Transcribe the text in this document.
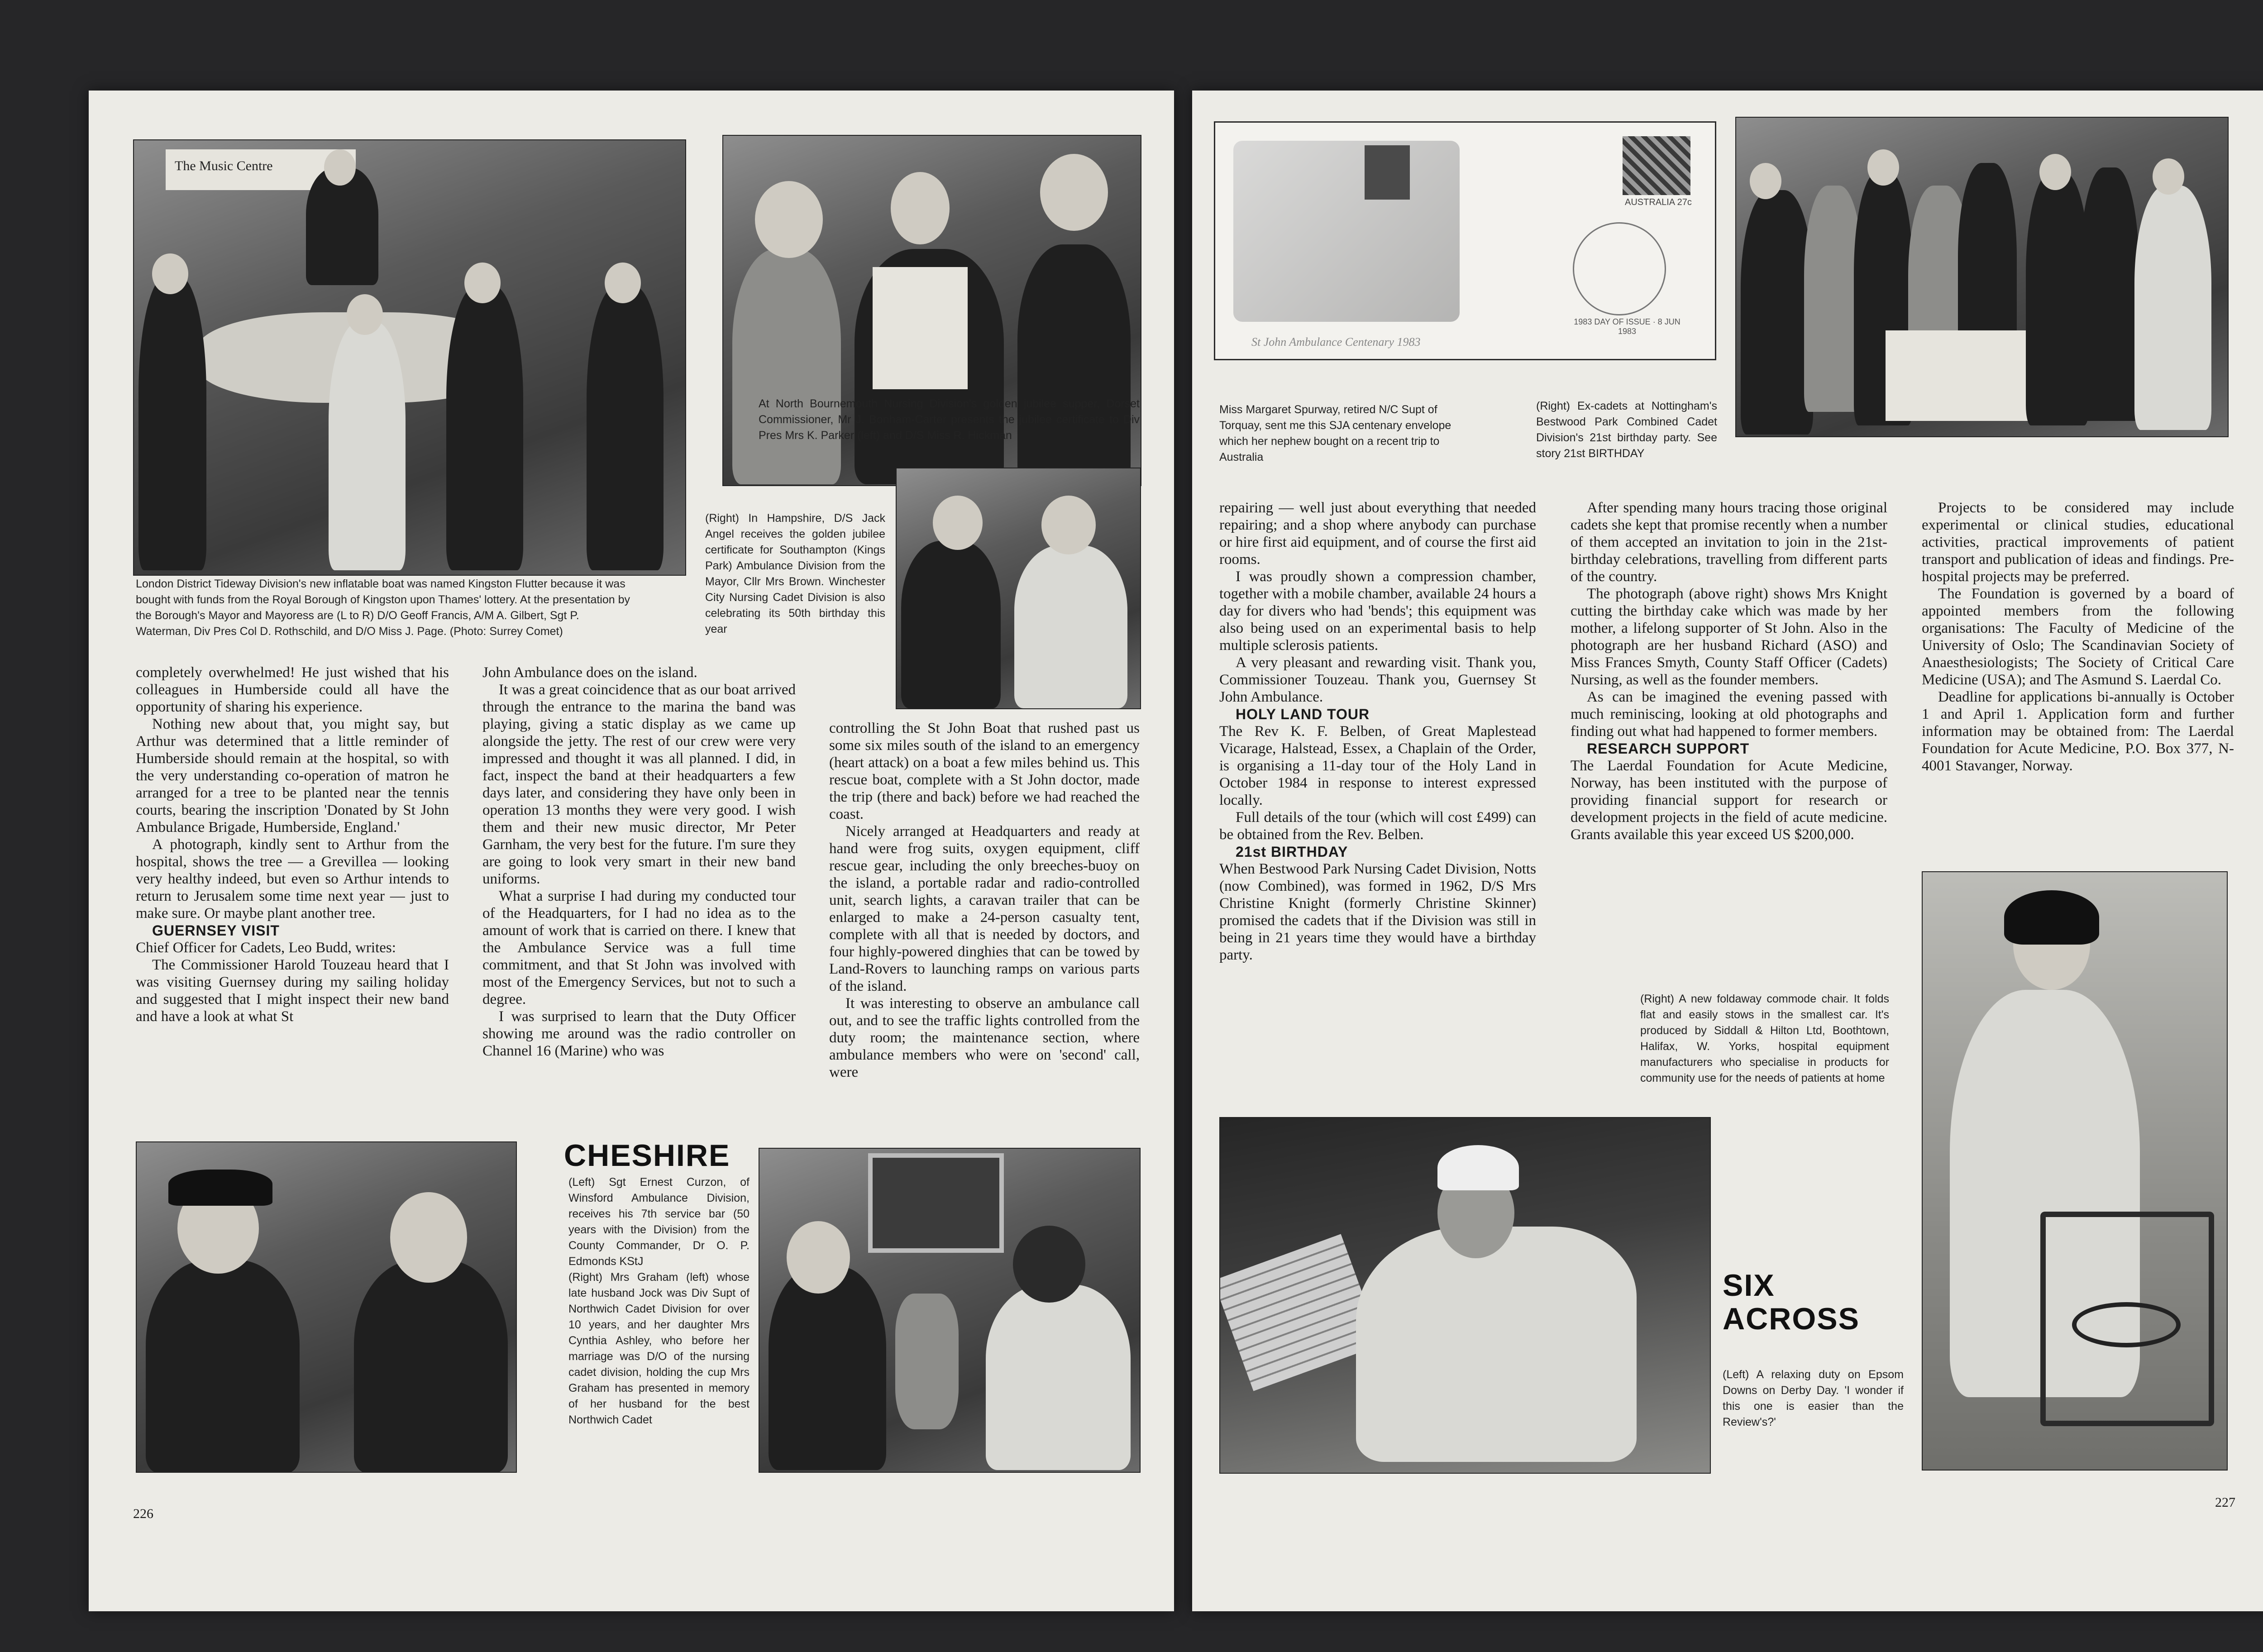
The Music Centre

London District Tideway Division's new inflatable boat was named Kingston Flutter because it was bought with funds from the Royal Borough of Kingston upon Thames' lottery. At the presentation by the Borough's Mayor and Mayoress are (L to R) D/O Geoff Francis, A/M A. Gilbert, Sgt P. Waterman, Div Pres Col D. Rothschild, and D/O Miss J. Page. (Photo: Surrey Comet)

At North Bournemouth Nursing Division's golden jubilee supper, Dorset Commissioner, Mr J. Bonham-Carter presents the jubilee certificate to Div Pres Mrs K. Parker (left) and D/S Miss R. Hickman

(Right) In Hampshire, D/S Jack Angel receives the golden jubilee certificate for Southampton (Kings Park) Ambulance Division from the Mayor, Cllr Mrs Brown. Winchester City Nursing Cadet Division is also celebrating its 50th birthday this year

completely overwhelmed! He just wished that his colleagues in Humberside could all have the opportunity of sharing his experience.

Nothing new about that, you might say, but Arthur was determined that a little reminder of Humberside should remain at the hospital, so with the very understanding co-operation of matron he arranged for a tree to be planted near the tennis courts, bearing the inscription 'Donated by St John Ambulance Brigade, Humberside, England.'

A photograph, kindly sent to Arthur from the hospital, shows the tree — a Grevillea — looking very healthy indeed, but even so Arthur intends to return to Jerusalem some time next year — just to make sure. Or maybe plant another tree.

GUERNSEY VISIT

Chief Officer for Cadets, Leo Budd, writes:

The Commissioner Harold Touzeau heard that I was visiting Guernsey during my sailing holiday and suggested that I might inspect their new band and have a look at what St

John Ambulance does on the island.

It was a great coincidence that as our boat arrived through the entrance to the marina the band was playing, giving a static display as we came up alongside the jetty. The rest of our crew were very impressed and thought it was all planned. I did, in fact, inspect the band at their headquarters a few days later, and considering they have only been in operation 13 months they were very good. I wish them and their new music director, Mr Peter Garnham, the very best for the future. I'm sure they are going to look very smart in their new band uniforms.

What a surprise I had during my conducted tour of the Headquarters, for I had no idea as to the amount of work that is carried on there. I knew that the Ambulance Service was a full time commitment, and that St John was involved with most of the Emergency Services, but not to such a degree.

I was surprised to learn that the Duty Officer showing me around was the radio controller on Channel 16 (Marine) who was

controlling the St John Boat that rushed past us some six miles south of the island to an emergency (heart attack) on a boat a few miles behind us. This rescue boat, complete with a St John doctor, made the trip (there and back) before we had reached the coast.

Nicely arranged at Headquarters and ready at hand were frog suits, oxygen equipment, cliff rescue gear, including the only breeches-buoy on the island, a portable radar and radio-controlled unit, search lights, a caravan trailer that can be enlarged to make a 24-person casualty tent, complete with all that is needed by doctors, and four highly-powered dinghies that can be towed by Land-Rovers to launching ramps on various parts of the island.

It was interesting to observe an ambulance call out, and to see the traffic lights controlled from the duty room; the maintenance section, where ambulance members who were on 'second' call, were

CHESHIRE

(Left) Sgt Ernest Curzon, of Winsford Ambulance Division, receives his 7th service bar (50 years with the Division) from the County Commander, Dr O. P. Edmonds KStJ
(Right) Mrs Graham (left) whose late husband Jock was Div Supt of Northwich Cadet Division for over 10 years, and her daughter Mrs Cynthia Ashley, who before her marriage was D/O of the nursing cadet division, holding the cup Mrs Graham has presented in memory of her husband for the best Northwich Cadet

226

AUSTRALIA 27c
1983 DAY OF ISSUE · 8 JUN 1983
St John Ambulance Centenary 1983

Miss Margaret Spurway, retired N/C Supt of Torquay, sent me this SJA centenary envelope which her nephew bought on a recent trip to Australia

(Right) Ex-cadets at Nottingham's Bestwood Park Combined Cadet Division's 21st birthday party. See story 21st BIRTHDAY

repairing — well just about everything that needed repairing; and a shop where anybody can purchase or hire first aid equipment, and of course the first aid rooms.

I was proudly shown a compression chamber, together with a mobile chamber, available 24 hours a day for divers who had 'bends'; this equipment was also being used on an experimental basis to help multiple sclerosis patients.

A very pleasant and rewarding visit. Thank you, Commissioner Touzeau. Thank you, Guernsey St John Ambulance.

HOLY LAND TOUR

The Rev K. F. Belben, of Great Maplestead Vicarage, Halstead, Essex, a Chaplain of the Order, is organising a 11-day tour of the Holy Land in October 1984 in response to interest expressed locally.

Full details of the tour (which will cost £499) can be obtained from the Rev. Belben.

21st BIRTHDAY

When Bestwood Park Nursing Cadet Division, Notts (now Combined), was formed in 1962, D/S Mrs Christine Knight (formerly Christine Skinner) promised the cadets that if the Division was still in being in 21 years time they would have a birthday party.

After spending many hours tracing those original cadets she kept that promise recently when a number of them accepted an invitation to join in the 21st-birthday celebrations, travelling from different parts of the country.

The photograph (above right) shows Mrs Knight cutting the birthday cake which was made by her mother, a lifelong supporter of St John. Also in the photograph are her husband Richard (ASO) and Miss Frances Smyth, County Staff Officer (Cadets) Nursing, as well as the founder members.

As can be imagined the evening passed with much reminiscing, looking at old photographs and finding out what had happened to former members.

RESEARCH SUPPORT

The Laerdal Foundation for Acute Medicine, Norway, has been instituted with the purpose of providing financial support for research or development projects in the field of acute medicine. Grants available this year exceed US $200,000.

(Right) A new foldaway commode chair. It folds flat and easily stows in the smallest car. It's produced by Siddall & Hilton Ltd, Boothtown, Halifax, W. Yorks, hospital equipment manufacturers who specialise in products for community use for the needs of patients at home

Projects to be considered may include experimental or clinical studies, educational activities, practical improvements of patient transport and publication of ideas and findings. Pre-hospital projects may be preferred.

The Foundation is governed by a board of appointed members from the following organisations: The Faculty of Medicine of the University of Oslo; The Scandinavian Society of Anaesthesiologists; The Society of Critical Care Medicine (USA); and The Asmund S. Laerdal Co.

Deadline for applications bi-annually is October 1 and April 1. Application form and further information may be obtained from: The Laerdal Foundation for Acute Medicine, P.O. Box 377, N-4001 Stavanger, Norway.

SIX ACROSS

(Left) A relaxing duty on Epsom Downs on Derby Day. 'I wonder if this one is easier than the Review's?'

227
